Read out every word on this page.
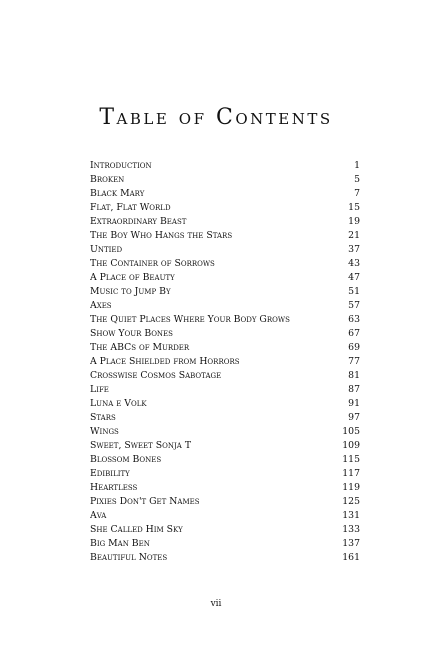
Table of Contents
Introduction	1
Broken	5
Black Mary	7
Flat, Flat World	15
Extraordinary Beast	19
The Boy Who Hangs the Stars	21
Untied	37
The Container of Sorrows	43
A Place of Beauty	47
Music to Jump By	51
Axes	57
The Quiet Places Where Your Body Grows	63
Show Your Bones	67
The ABCs of Murder	69
A Place Shielded from Horrors	77
Crosswise Cosmos Sabotage	81
Life	87
Luna e Volk	91
Stars	97
Wings	105
Sweet, Sweet Sonja T	109
Blossom Bones	115
Edibility	117
Heartless	119
Pixies Don't Get Names	125
Ava	131
She Called Him Sky	133
Big Man Ben	137
Beautiful Notes	161
vii
